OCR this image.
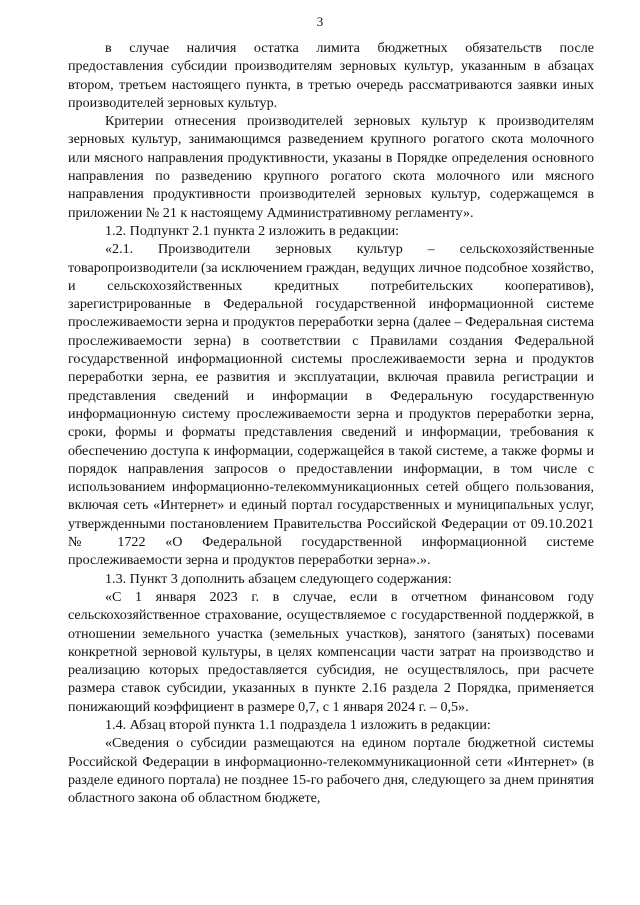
3

в случае наличия остатка лимита бюджетных обязательств после предоставления субсидии производителям зерновых культур, указанным в абзацах втором, третьем настоящего пункта, в третью очередь рассматриваются заявки иных производителей зерновых культур.

Критерии отнесения производителей зерновых культур к производителям зерновых культур, занимающимся разведением крупного рогатого скота молочного или мясного направления продуктивности, указаны в Порядке определения основного направления по разведению крупного рогатого скота молочного или мясного направления продуктивности производителей зерновых культур, содержащемся в приложении № 21 к настоящему Административному регламенту».

1.2. Подпункт 2.1 пункта 2 изложить в редакции:

«2.1. Производители зерновых культур – сельскохозяйственные товаропроизводители (за исключением граждан, ведущих личное подсобное хозяйство, и сельскохозяйственных кредитных потребительских кооперативов), зарегистрированные в Федеральной государственной информационной системе прослеживаемости зерна и продуктов переработки зерна (далее – Федеральная система прослеживаемости зерна) в соответствии с Правилами создания Федеральной государственной информационной системы прослеживаемости зерна и продуктов переработки зерна, ее развития и эксплуатации, включая правила регистрации и представления сведений и информации в Федеральную государственную информационную систему прослеживаемости зерна и продуктов переработки зерна, сроки, формы и форматы представления сведений и информации, требования к обеспечению доступа к информации, содержащейся в такой системе, а также формы и порядок направления запросов о предоставлении информации, в том числе с использованием информационно-телекоммуникационных сетей общего пользования, включая сеть «Интернет» и единый портал государственных и муниципальных услуг, утвержденными постановлением Правительства Российской Федерации от 09.10.2021 № 1722 «О Федеральной государственной информационной системе прослеживаемости зерна и продуктов переработки зерна».».

1.3. Пункт 3 дополнить абзацем следующего содержания:

«С 1 января 2023 г. в случае, если в отчетном финансовом году сельскохозяйственное страхование, осуществляемое с государственной поддержкой, в отношении земельного участка (земельных участков), занятого (занятых) посевами конкретной зерновой культуры, в целях компенсации части затрат на производство и реализацию которых предоставляется субсидия, не осуществлялось, при расчете размера ставок субсидии, указанных в пункте 2.16 раздела 2 Порядка, применяется понижающий коэффициент в размере 0,7, с 1 января 2024 г. – 0,5».

1.4. Абзац второй пункта 1.1 подраздела 1 изложить в редакции:

«Сведения о субсидии размещаются на едином портале бюджетной системы Российской Федерации в информационно-телекоммуникационной сети «Интернет» (в разделе единого портала) не позднее 15-го рабочего дня, следующего за днем принятия областного закона об областном бюджете,
